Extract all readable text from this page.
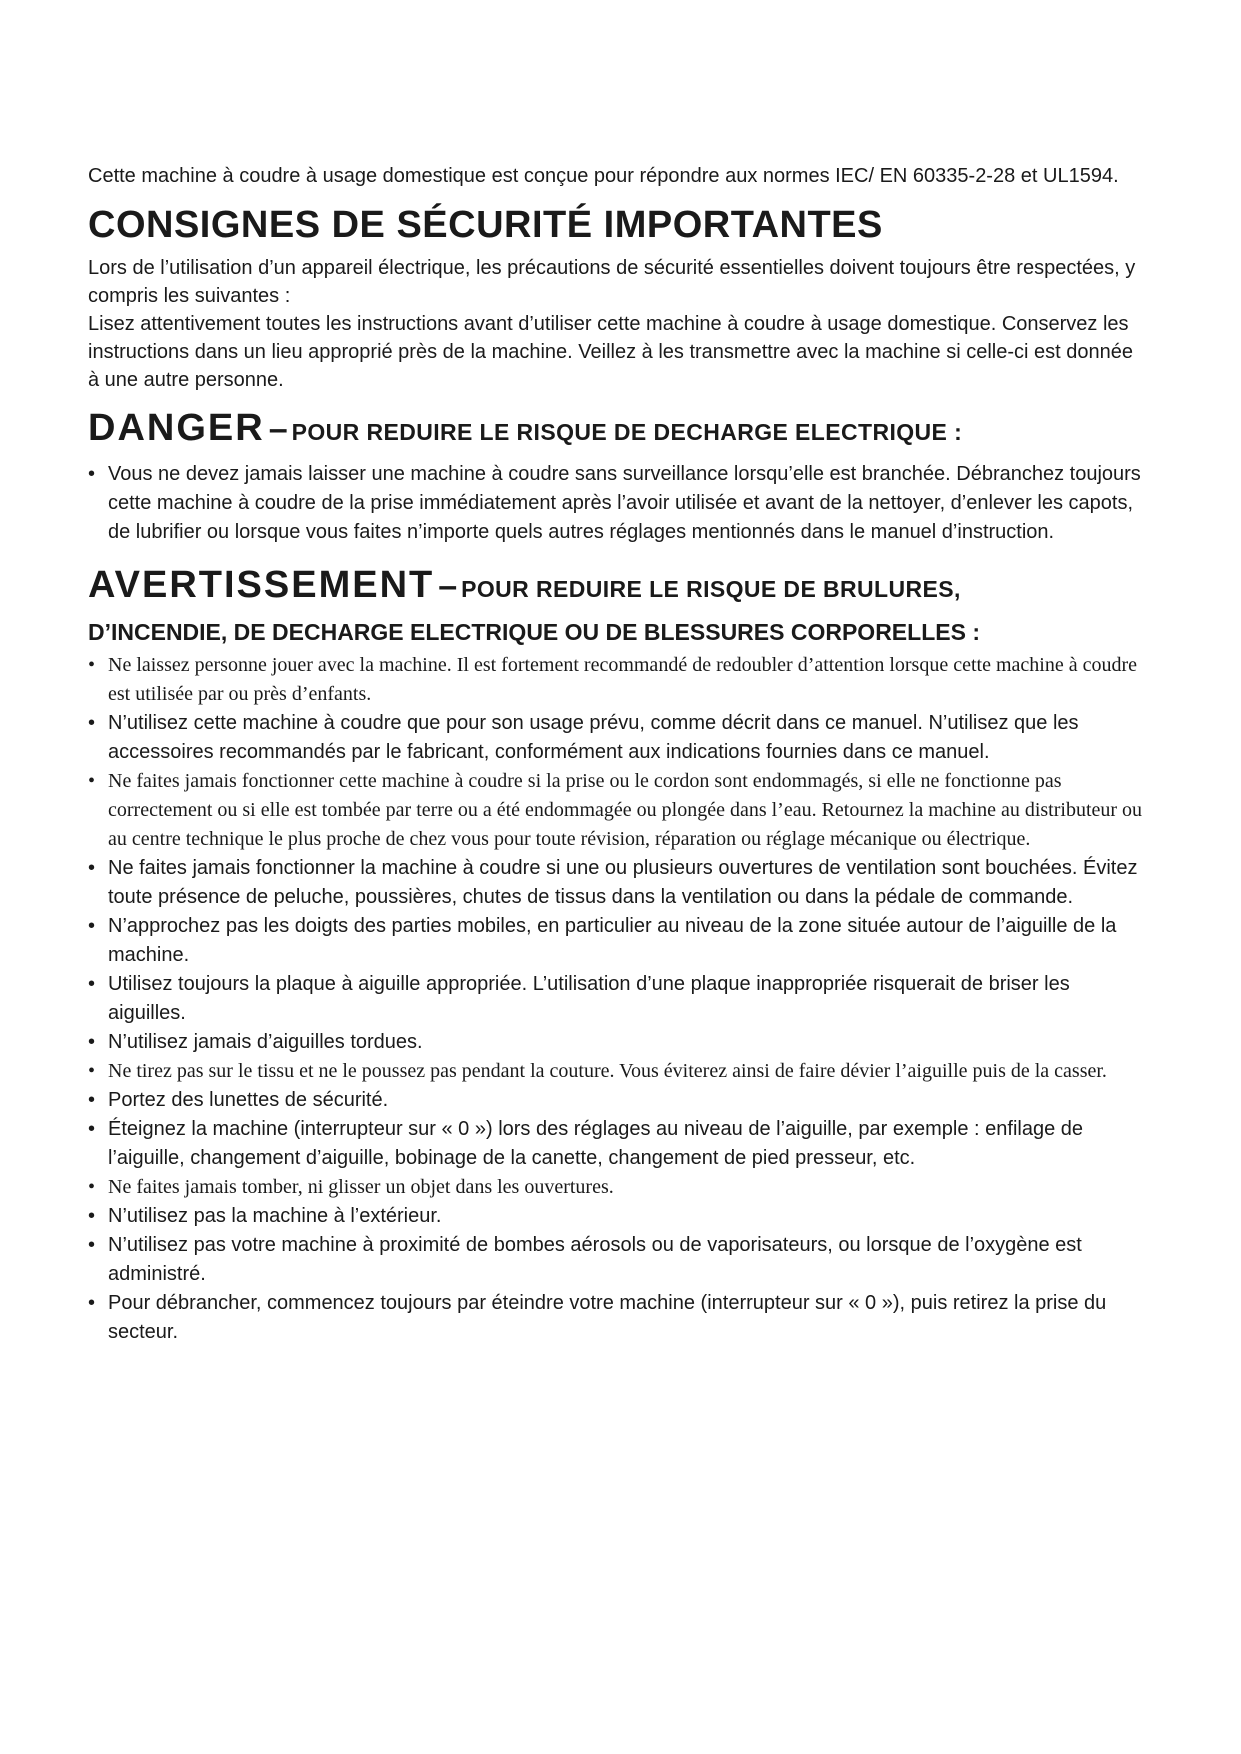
Cette machine à coudre à usage domestique est conçue pour répondre aux normes IEC/ EN 60335-2-28 et UL1594.

CONSIGNES DE SÉCURITÉ IMPORTANTES

Lors de l’utilisation d’un appareil électrique, les précautions de sécurité essentielles doivent toujours être respectées, y compris les suivantes :

Lisez attentivement toutes les instructions avant d’utiliser cette machine à coudre à usage domestique. Conservez les instructions dans un lieu approprié près de la machine. Veillez à les transmettre avec la machine si celle-ci est donnée à une autre personne.

DANGER – POUR REDUIRE LE RISQUE DE DECHARGE ELECTRIQUE :
• Vous ne devez jamais laisser une machine à coudre sans surveillance lorsqu’elle est branchée. Débranchez toujours cette machine à coudre de la prise immédiatement après l’avoir utilisée et avant de la nettoyer, d’enlever les capots, de lubrifier ou lorsque vous faites n’importe quels autres réglages mentionnés dans le manuel d’instruction.
AVERTISSEMENT – POUR REDUIRE LE RISQUE DE BRULURES,
D’INCENDIE, DE DECHARGE ELECTRIQUE OU DE BLESSURES CORPORELLES :
• Ne laissez personne jouer avec la machine. Il est fortement recommandé de redoubler d’attention lorsque cette machine à coudre est utilisée par ou près d’enfants.
• N’utilisez cette machine à coudre que pour son usage prévu, comme décrit dans ce manuel. N’utilisez que les accessoires recommandés par le fabricant, conformément aux indications fournies dans ce manuel.
• Ne faites jamais fonctionner cette machine à coudre si la prise ou le cordon sont endommagés, si elle ne fonctionne pas correctement ou si elle est tombée par terre ou a été endommagée ou plongée dans l’eau. Retournez la machine au distributeur ou au centre technique le plus proche de chez vous pour toute révision, réparation ou réglage mécanique ou électrique.
• Ne faites jamais fonctionner la machine à coudre si une ou plusieurs ouvertures de ventilation sont bouchées. Évitez toute présence de peluche, poussières, chutes de tissus dans la ventilation ou dans la pédale de commande.
• N’approchez pas les doigts des parties mobiles, en particulier au niveau de la zone située autour de l’aiguille de la machine.
• Utilisez toujours la plaque à aiguille appropriée. L’utilisation d’une plaque inappropriée risquerait de briser les aiguilles.
• N’utilisez jamais d’aiguilles tordues.
• Ne tirez pas sur le tissu et ne le poussez pas pendant la couture. Vous éviterez ainsi de faire dévier l’aiguille puis de la casser.
• Portez des lunettes de sécurité.
• Éteignez la machine (interrupteur sur « 0 ») lors des réglages au niveau de l’aiguille, par exemple : enfilage de l’aiguille, changement d’aiguille, bobinage de la canette, changement de pied presseur, etc.
• Ne faites jamais tomber, ni glisser un objet dans les ouvertures.
• N’utilisez pas la machine à l’extérieur.
• N’utilisez pas votre machine à proximité de bombes aérosols ou de vaporisateurs, ou lorsque de l’oxygène est administré.
• Pour débrancher, commencez toujours par éteindre votre machine (interrupteur sur « 0 »), puis retirez la prise du secteur.
